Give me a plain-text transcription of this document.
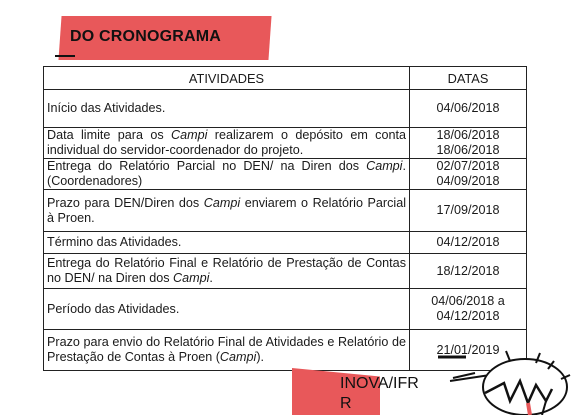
DO CRONOGRAMA
ATIVIDADES	DATAS
Início das Atividades.	04/06/2018

Data limite para os Campi realizarem o depósito em conta individual do servidor-coordenador do projeto.	18/06/2018
18/06/2018

Entrega do Relatório Parcial no DEN/ na Diren dos Campi. (Coordenadores)	02/07/2018
04/09/2018

Prazo para DEN/Diren dos Campi enviarem o Relatório Parcial à Proen.	17/09/2018

Término das Atividades.	04/12/2018

Entrega do Relatório Final e Relatório de Prestação de Contas no DEN/ na Diren dos Campi.	18/12/2018

Período das Atividades.	04/06/2018 a
04/12/2018

Prazo para envio do Relatório Final de Atividades e Relatório de Prestação de Contas à Proen (Campi).	21/01/2019
INOVA/IFR R
